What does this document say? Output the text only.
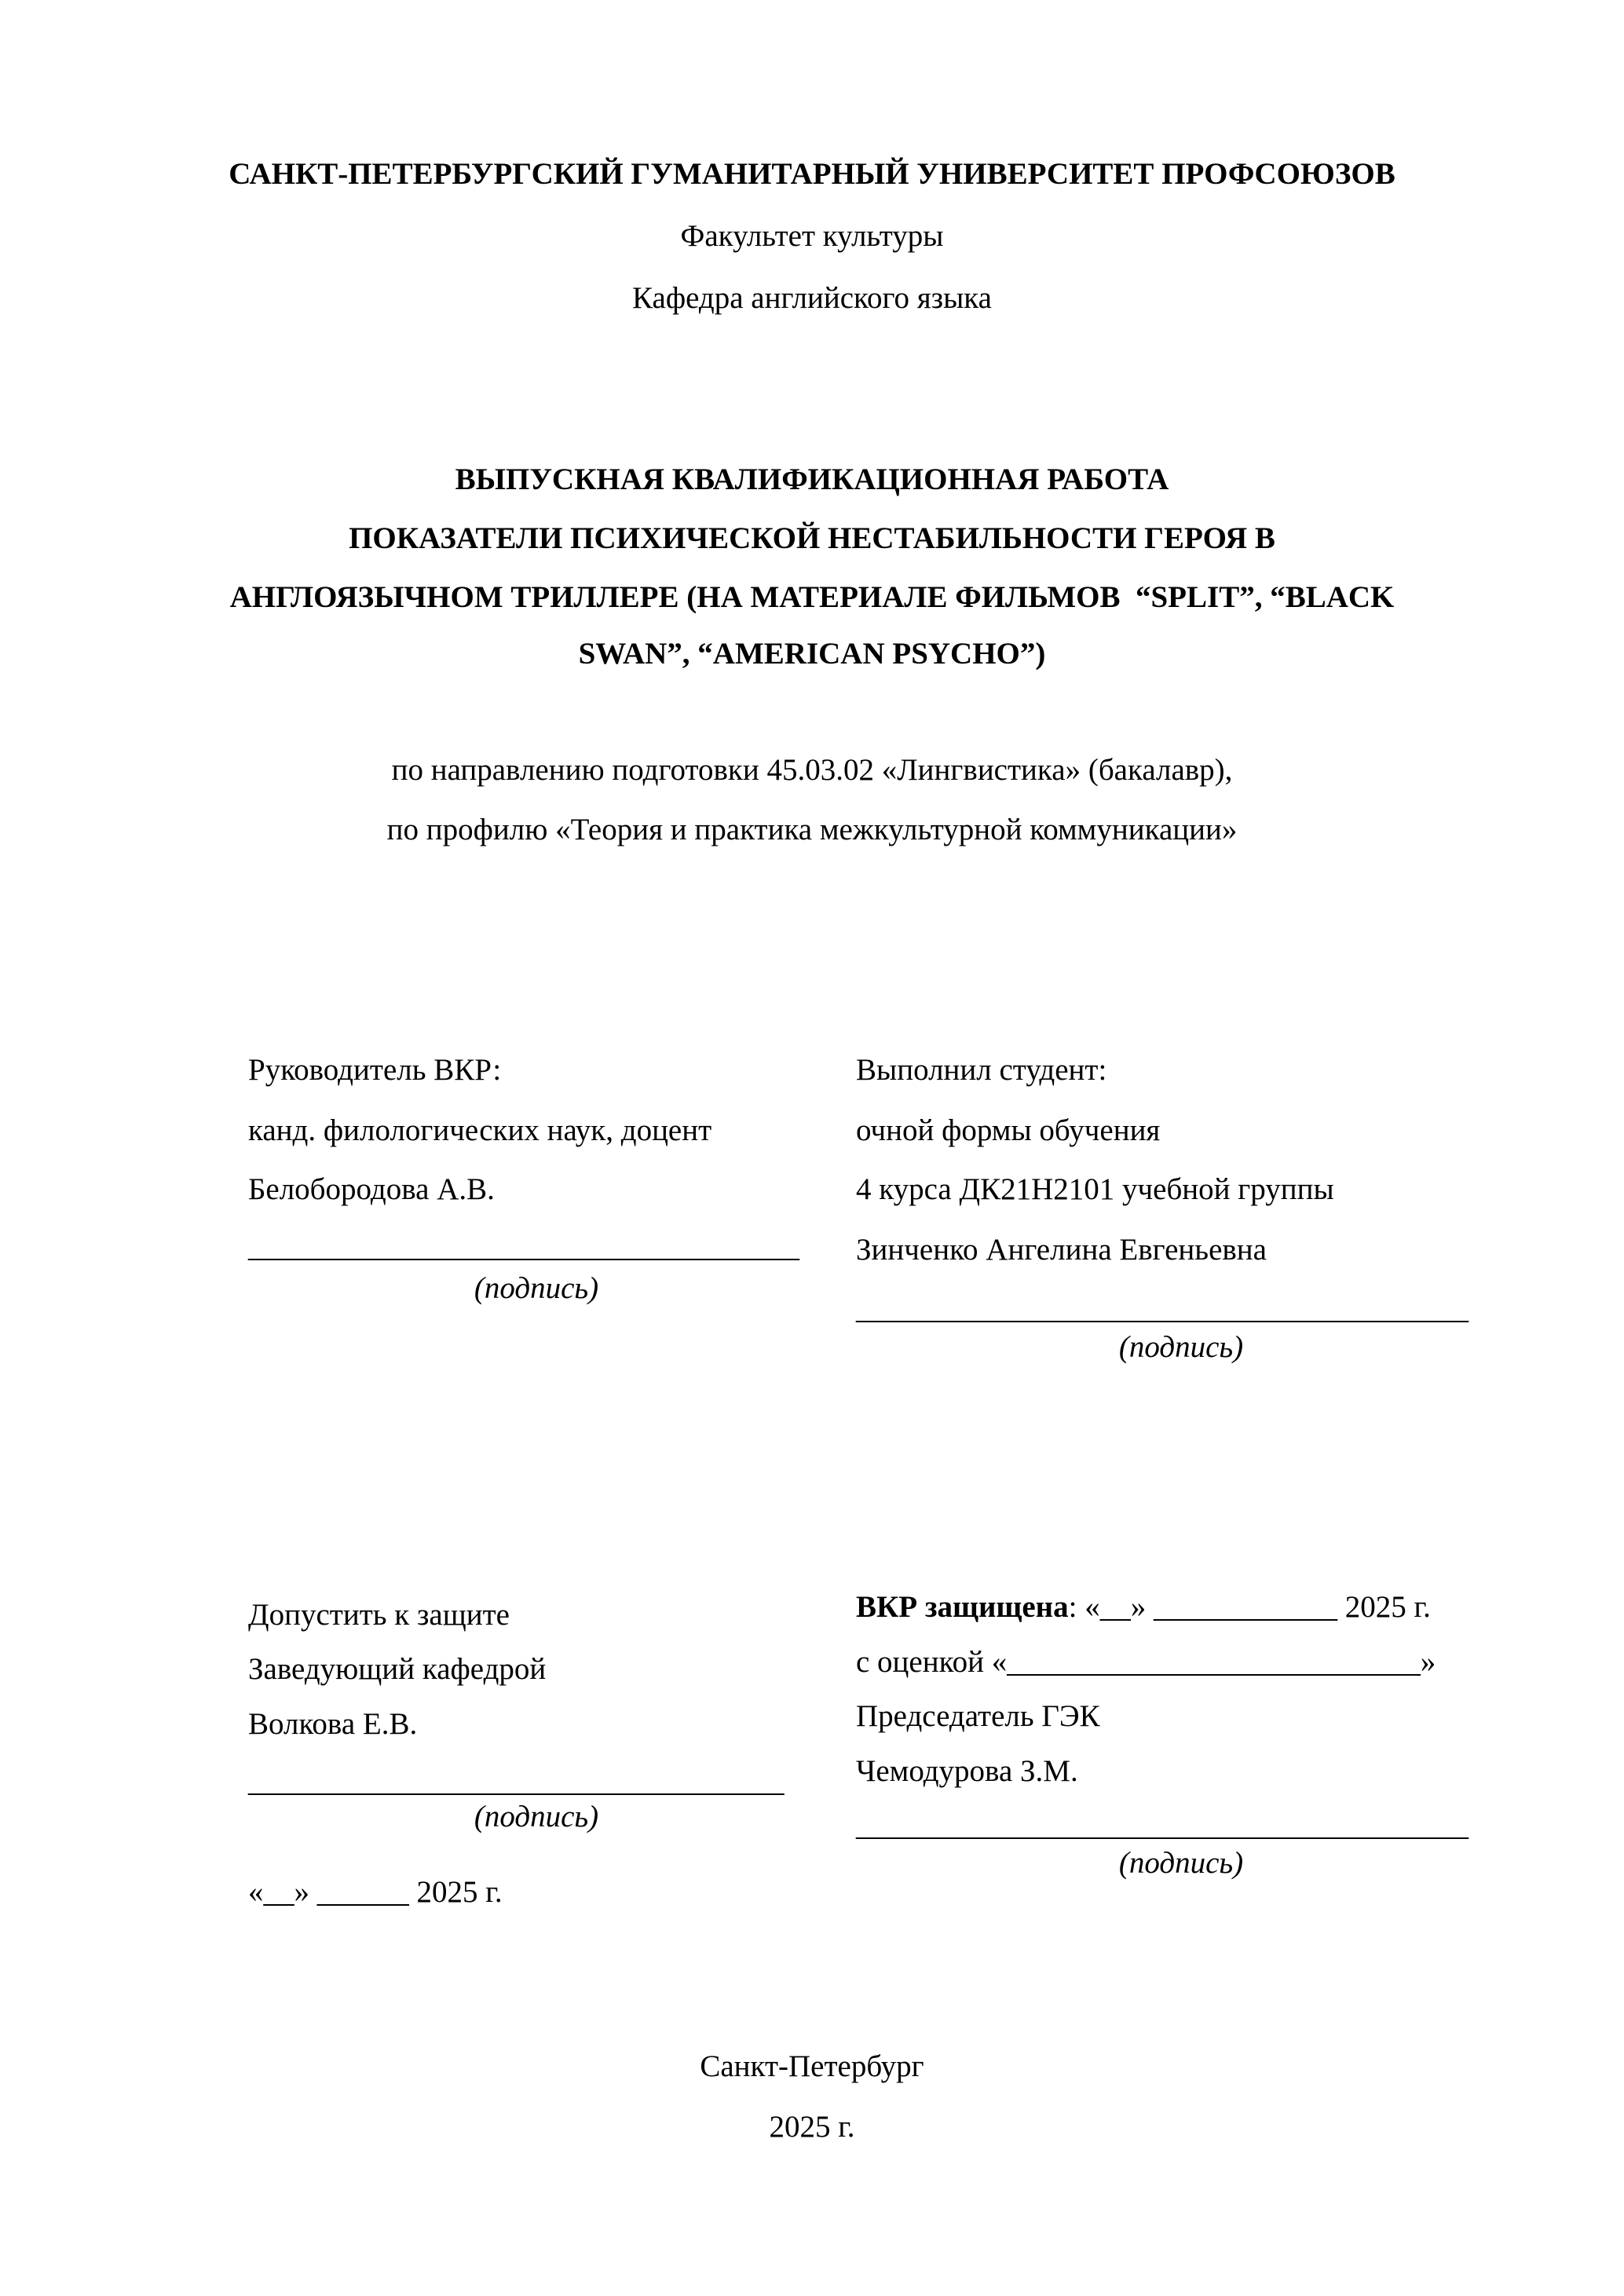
САНКТ-ПЕТЕРБУРГСКИЙ ГУМАНИТАРНЫЙ УНИВЕРСИТЕТ ПРОФСОЮЗОВ
Факультет культуры
Кафедра английского языка
ВЫПУСКНАЯ КВАЛИФИКАЦИОННАЯ РАБОТА
ПОКАЗАТЕЛИ ПСИХИЧЕСКОЙ НЕСТАБИЛЬНОСТИ ГЕРОЯ В
АНГЛОЯЗЫЧНОМ ТРИЛЛЕРЕ (НА МАТЕРИАЛЕ ФИЛЬМОВ  “SPLIT”, “BLACK
SWAN”, “AMERICAN PSYCHO”)
по направлению подготовки 45.03.02 «Лингвистика» (бакалавр),
по профилю «Теория и практика межкультурной коммуникации»
Руководитель ВКР:
канд. филологических наук, доцент
Белобородова А.В.
____________________________________
(подпись)
Выполнил студент:
очной формы обучения
4 курса ДК21Н2101 учебной группы
Зинченко Ангелина Евгеньевна
________________________________________
(подпись)
Допустить к защите
Заведующий кафедрой
Волкова Е.В.
___________________________________
(подпись)
«__» ______ 2025 г.
ВКР защищена: «__» ____________ 2025 г.
с оценкой «___________________________»
Председатель ГЭК
Чемодурова З.М.
________________________________________
(подпись)
Санкт-Петербург
2025 г.
